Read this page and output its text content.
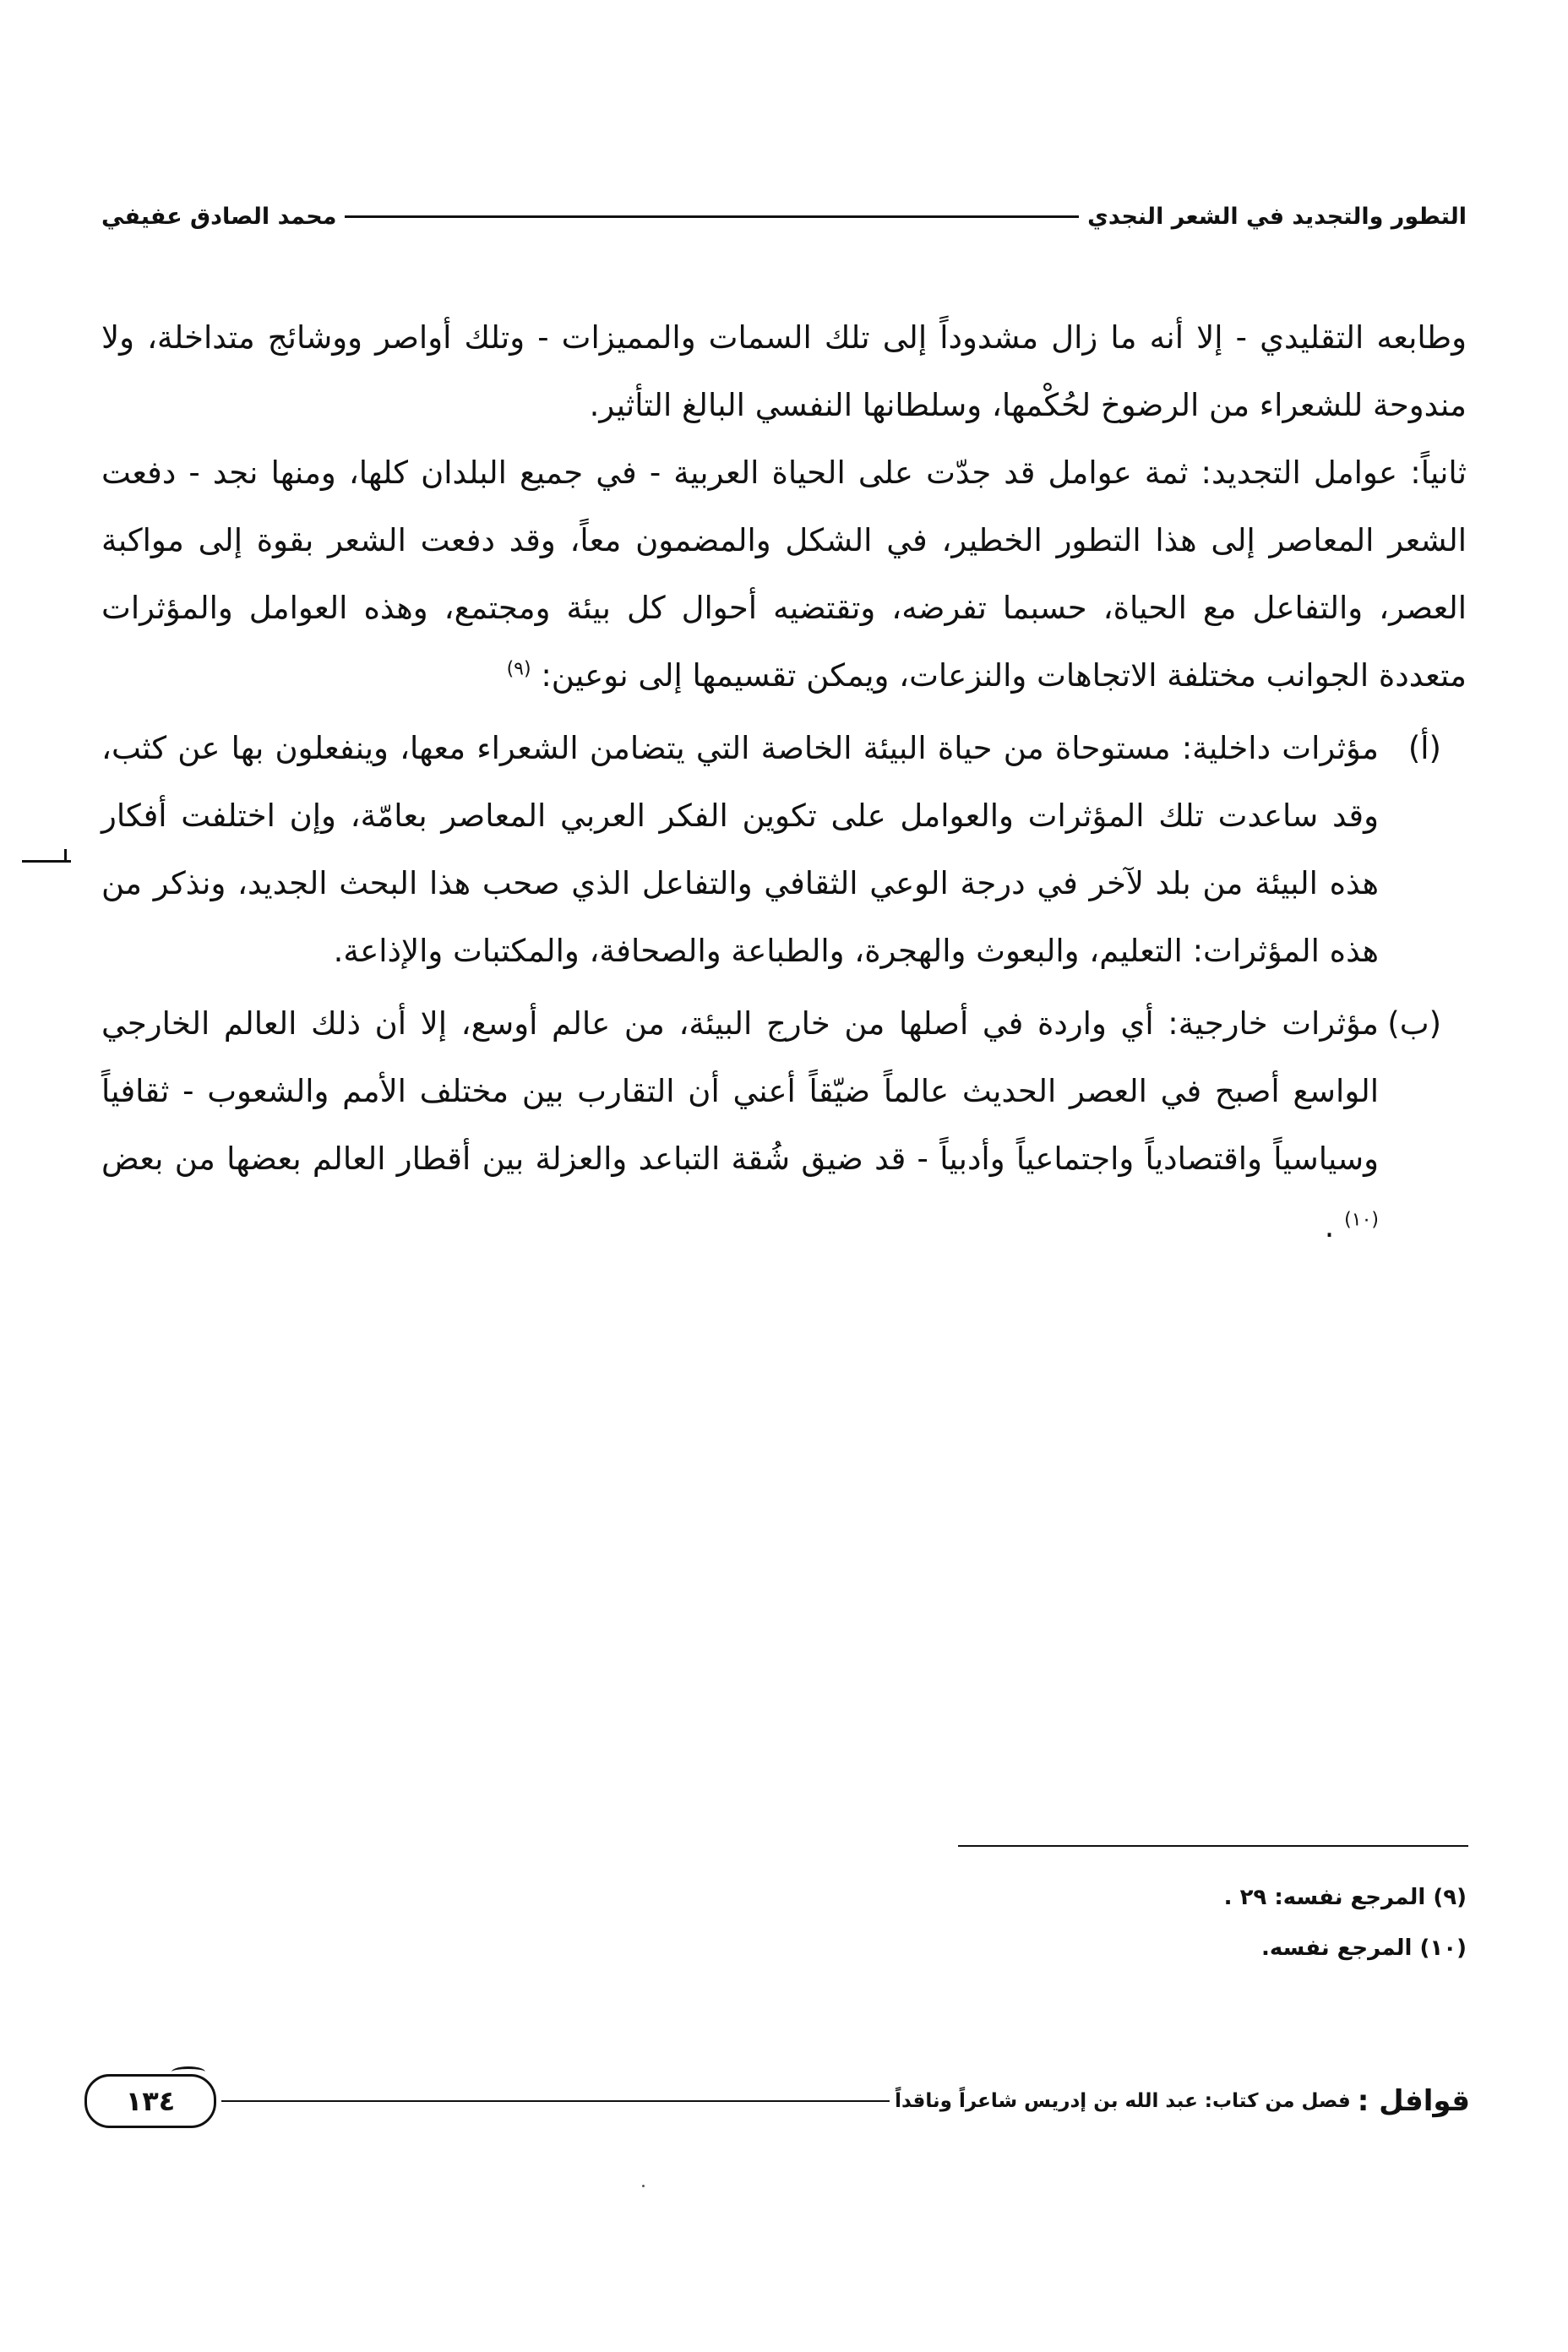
التطور والتجديد في الشعر النجدي
محمد الصادق عفيفي

وطابعه التقليدي - إلا أنه ما زال مشدوداً إلى تلك السمات والمميزات - وتلك أواصر ووشائج متداخلة، ولا مندوحة للشعراء من الرضوخ لحُكْمها، وسلطانها النفسي البالغ التأثير.

ثانياً: عوامل التجديد: ثمة عوامل قد جدّت على الحياة العربية - في جميع البلدان كلها، ومنها نجد - دفعت الشعر المعاصر إلى هذا التطور الخطير، في الشكل والمضمون معاً، وقد دفعت الشعر بقوة إلى مواكبة العصر، والتفاعل مع الحياة، حسبما تفرضه، وتقتضيه أحوال كل بيئة ومجتمع، وهذه العوامل والمؤثرات متعددة الجوانب مختلفة الاتجاهات والنزعات، ويمكن تقسيمها إلى نوعين: $^{(٩)}$

(أ)
مؤثرات داخلية: مستوحاة من حياة البيئة الخاصة التي يتضامن الشعراء معها، وينفعلون بها عن كثب، وقد ساعدت تلك المؤثرات والعوامل على تكوين الفكر العربي المعاصر بعامّة، وإن اختلفت أفكار هذه البيئة من بلد لآخر في درجة الوعي الثقافي والتفاعل الذي صحب هذا البحث الجديد، ونذكر من هذه المؤثرات: التعليم، والبعوث والهجرة، والطباعة والصحافة، والمكتبات والإذاعة.
(ب)
مؤثرات خارجية: أي واردة في أصلها من خارج البيئة، من عالم أوسع، إلا أن ذلك العالم الخارجي الواسع أصبح في العصر الحديث عالماً ضيّقاً أعني أن التقارب بين مختلف الأمم والشعوب - ثقافياً وسياسياً واقتصادياً واجتماعياً وأدبياً - قد ضيق شُقة التباعد والعزلة بين أقطار العالم بعضها من بعض $^{(١٠)}$ .

(٩) المرجع نفسه: ٢٩ .

(١٠) المرجع نفسه.

قوافل :
فصل من كتاب: عبد الله بن إدريس شاعراً وناقداً
١٣٤
